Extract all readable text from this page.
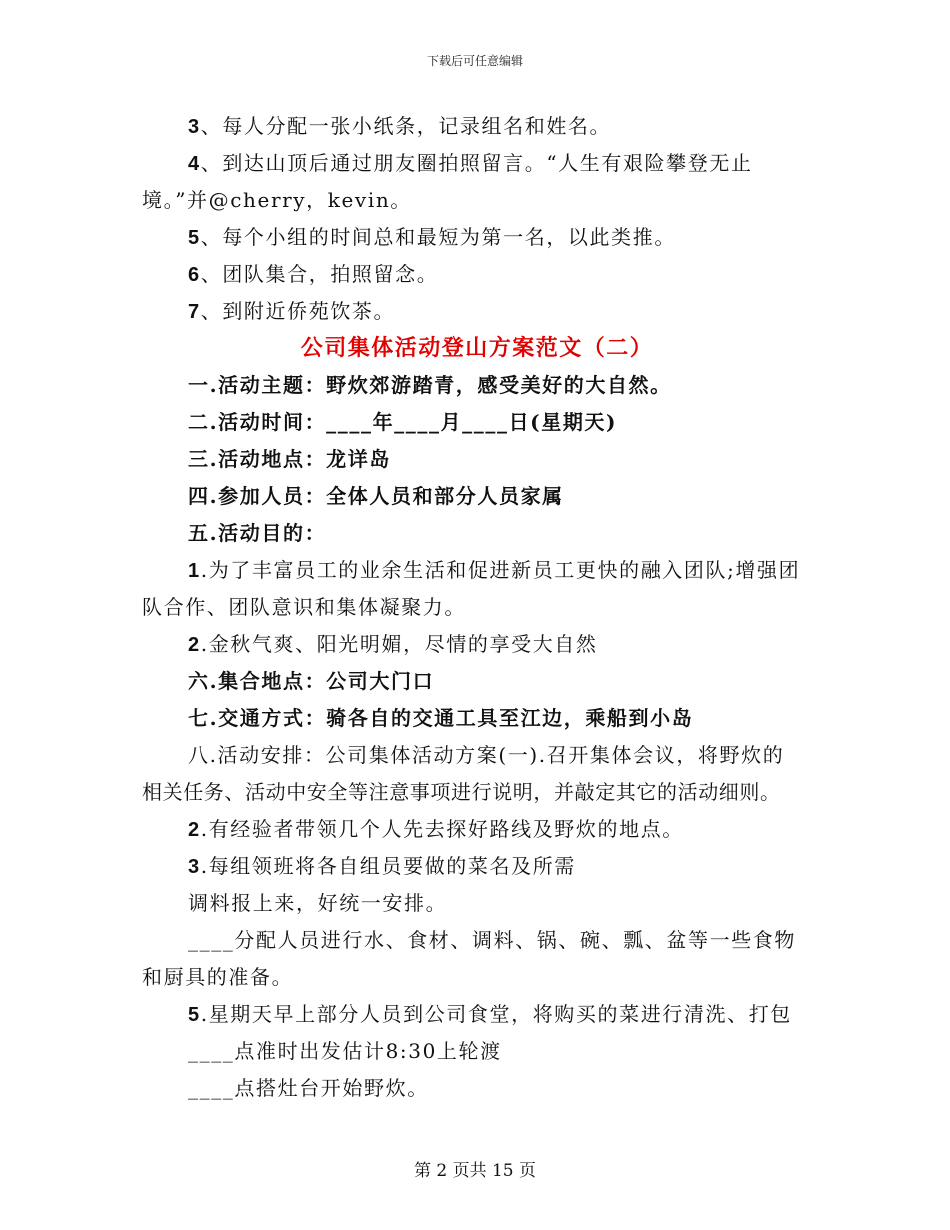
下载后可任意编辑
3、每人分配一张小纸条，记录组名和姓名。
4、到达山顶后通过朋友圈拍照留言。“人生有艰险攀登无止
境。”并@cherry，kevin。
5、每个小组的时间总和最短为第一名，以此类推。
6、团队集合，拍照留念。
7、到附近侨苑饮茶。
公司集体活动登山方案范文（二）
一.活动主题：野炊郊游踏青，感受美好的大自然。
二.活动时间：____年____月____日(星期天)
三.活动地点：龙详岛
四.参加人员：全体人员和部分人员家属
五.活动目的：
1.为了丰富员工的业余生活和促进新员工更快的融入团队;增强团
队合作、团队意识和集体凝聚力。
2.金秋气爽、阳光明媚，尽情的享受大自然
六.集合地点：公司大门口
七.交通方式：骑各自的交通工具至江边，乘船到小岛
八.活动安排：公司集体活动方案(一).召开集体会议，将野炊的
相关任务、活动中安全等注意事项进行说明，并敲定其它的活动细则。
2.有经验者带领几个人先去探好路线及野炊的地点。
3.每组领班将各自组员要做的菜名及所需
调料报上来，好统一安排。
____分配人员进行水、食材、调料、锅、碗、瓢、盆等一些食物
和厨具的准备。
5.星期天早上部分人员到公司食堂，将购买的菜进行清洗、打包
____点准时出发估计8:30上轮渡
____点搭灶台开始野炊。
第 2 页共 15 页
